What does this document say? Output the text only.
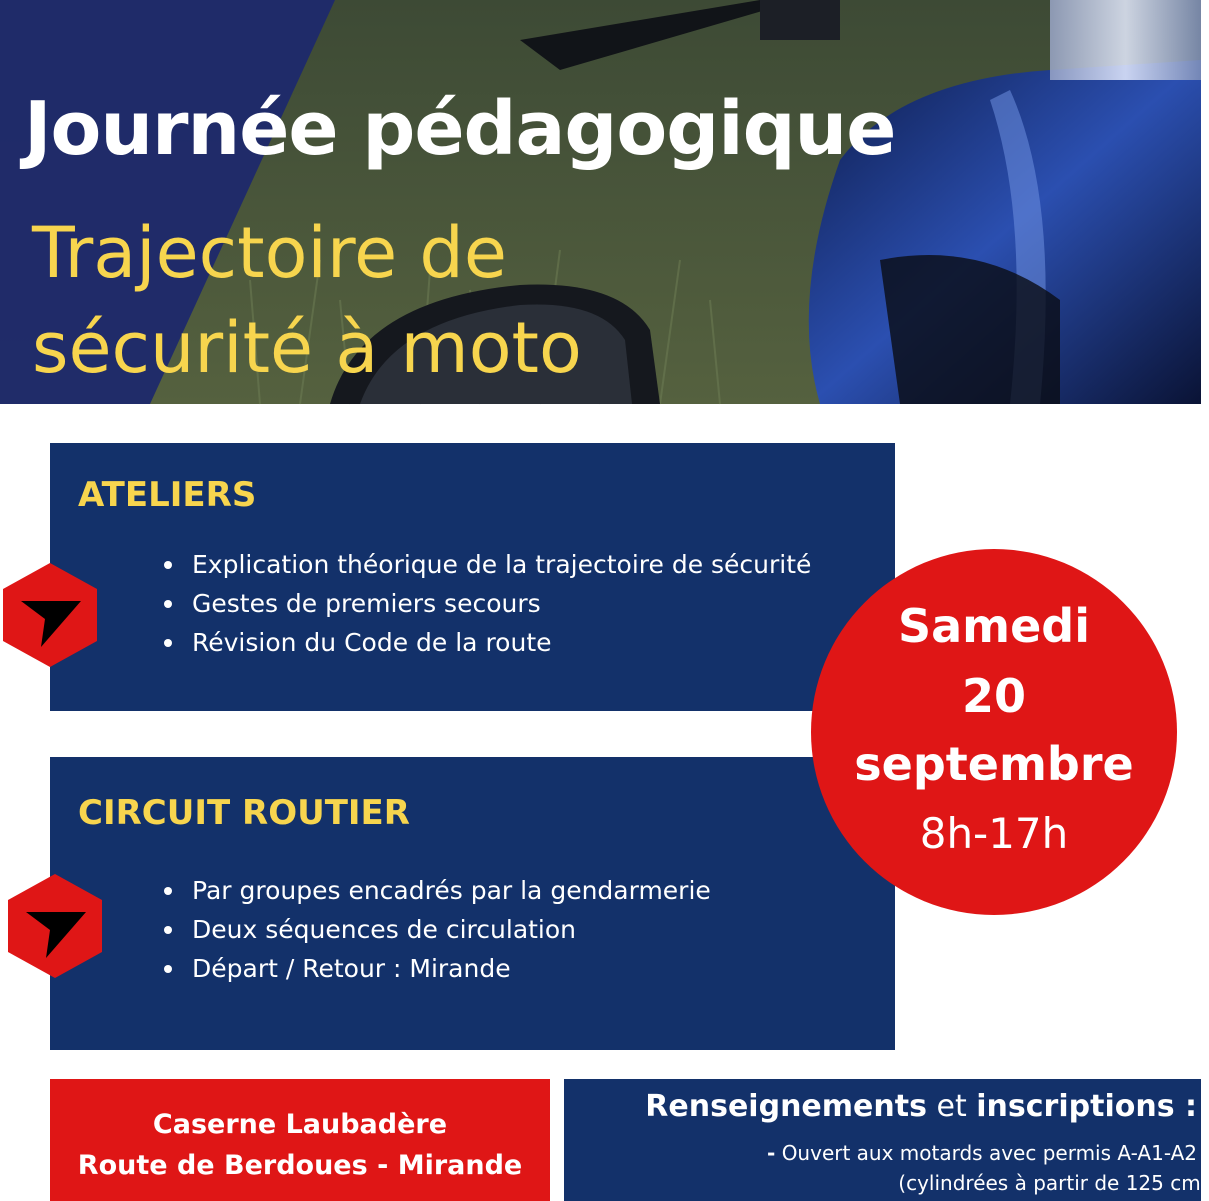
Journée pédagogique
Trajectoire de
sécurité à moto
ATELIERS
Explication théorique de la trajectoire de sécurité
Gestes de premiers secours
Révision du Code de la route
CIRCUIT ROUTIER
Par groupes encadrés par la gendarmerie
Deux séquences de circulation
Départ / Retour : Mirande
Samedi
20
septembre
8h-17h
Caserne Laubadère
Route de Berdoues - Mirande
Renseignements et inscriptions :
- Ouvert aux motards avec permis A-A1-A2
(cylindrées à partir de 125 $cm^3$
